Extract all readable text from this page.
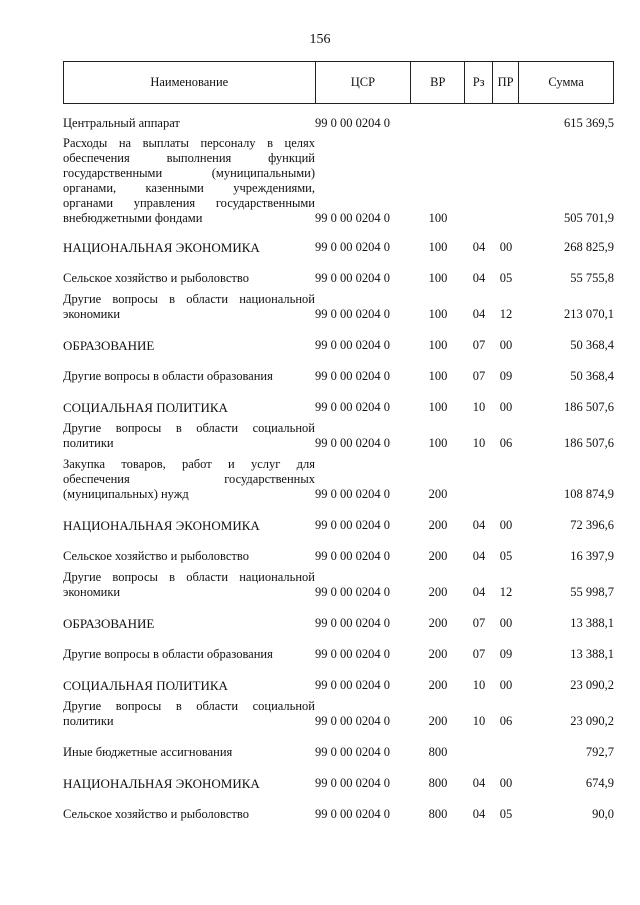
156
Наименование	ЦСР	ВР	Рз	ПР	Сумма

Центральный аппарат	99 0 00 0204 0				615 369,5

Расходы на выплаты персоналу в целях обеспечения выполнения функций государственными (муниципальными) органами, казенными учреждениями, органами управления государственными внебюджетными фондами	99 0 00 0204 0	100			505 701,9

НАЦИОНАЛЬНАЯ ЭКОНОМИКА	99 0 00 0204 0	100	04	00	268 825,9

Сельское хозяйство и рыболовство	99 0 00 0204 0	100	04	05	55 755,8

Другие вопросы в области национальной экономики	99 0 00 0204 0	100	04	12	213 070,1

ОБРАЗОВАНИЕ	99 0 00 0204 0	100	07	00	50 368,4

Другие вопросы в области образования	99 0 00 0204 0	100	07	09	50 368,4

СОЦИАЛЬНАЯ ПОЛИТИКА	99 0 00 0204 0	100	10	00	186 507,6

Другие вопросы в области социальной политики	99 0 00 0204 0	100	10	06	186 507,6

Закупка товаров, работ и услуг для обеспечения государственных (муниципальных) нужд	99 0 00 0204 0	200			108 874,9

НАЦИОНАЛЬНАЯ ЭКОНОМИКА	99 0 00 0204 0	200	04	00	72 396,6

Сельское хозяйство и рыболовство	99 0 00 0204 0	200	04	05	16 397,9

Другие вопросы в области национальной экономики	99 0 00 0204 0	200	04	12	55 998,7

ОБРАЗОВАНИЕ	99 0 00 0204 0	200	07	00	13 388,1

Другие вопросы в области образования	99 0 00 0204 0	200	07	09	13 388,1

СОЦИАЛЬНАЯ ПОЛИТИКА	99 0 00 0204 0	200	10	00	23 090,2

Другие вопросы в области социальной политики	99 0 00 0204 0	200	10	06	23 090,2

Иные бюджетные ассигнования	99 0 00 0204 0	800			792,7

НАЦИОНАЛЬНАЯ ЭКОНОМИКА	99 0 00 0204 0	800	04	00	674,9

Сельское хозяйство и рыболовство	99 0 00 0204 0	800	04	05	90,0
